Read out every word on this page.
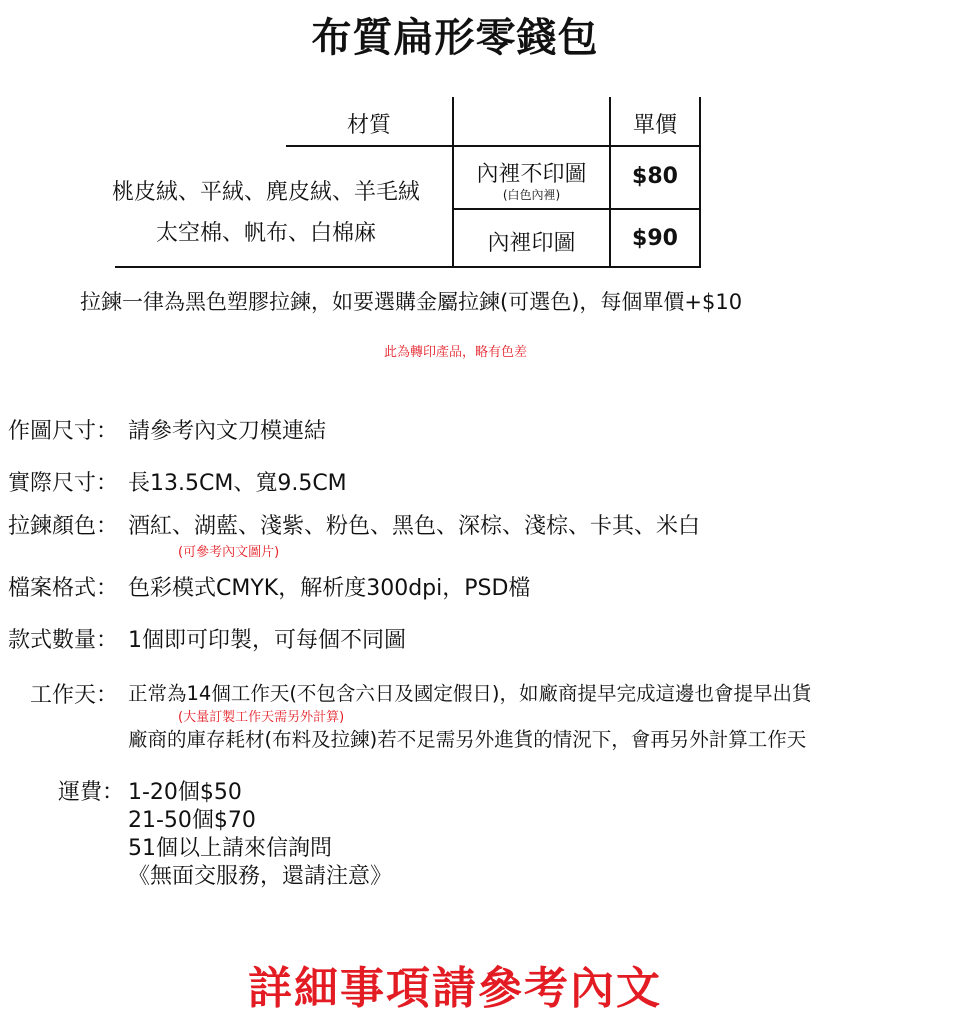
布質扁形零錢包
材質	單價
桃皮絨、平絨、麂皮絨、羊毛絨
太空棉、帆布、白棉麻
內裡不印圖
(白色內裡)
$80
內裡印圖	$90
拉鍊一律為黑色塑膠拉鍊，如要選購金屬拉鍊(可選色)，每個單價+$10
此為轉印產品，略有色差
作圖尺寸： 請參考內文刀模連結
實際尺寸： 長13.5CM、寬9.5CM
拉鍊顏色： 酒紅、湖藍、淺紫、粉色、黑色、深棕、淺棕、卡其、米白
(可參考內文圖片)
檔案格式： 色彩模式CMYK，解析度300dpi，PSD檔
款式數量： 1個即可印製，可每個不同圖
工作天： 正常為14個工作天(不包含六日及國定假日)，如廠商提早完成這邊也會提早出貨
(大量訂製工作天需另外計算)
廠商的庫存耗材(布料及拉鍊)若不足需另外進貨的情況下，會再另外計算工作天
運費： 1-20個$50
21-50個$70
51個以上請來信詢問
《無面交服務，還請注意》
詳細事項請參考內文
